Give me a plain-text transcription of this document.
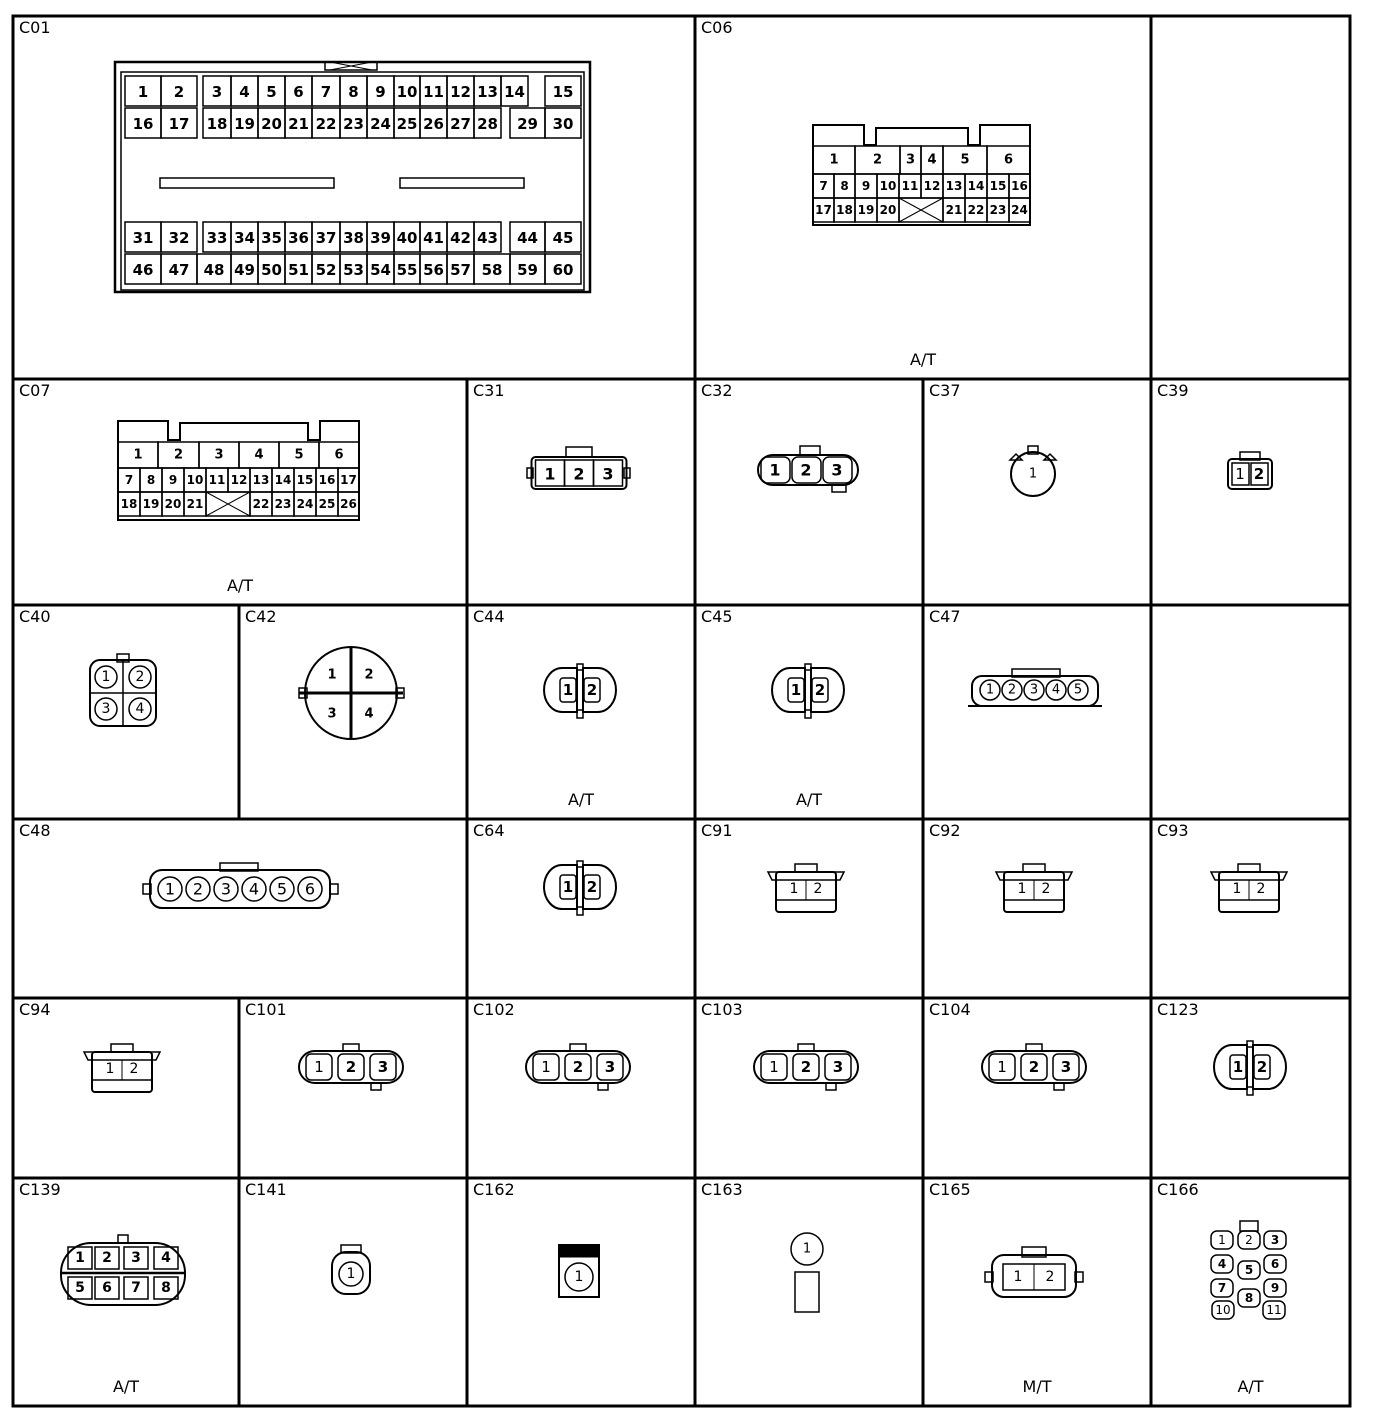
C01	C06
A/T
C07
A/T
C31	C32	C37	C39
C40	C42	C44
A/T
C45
A/T
C47
C48	C64	C91	C92	C93
C94	C101	C102	C103	C104	C123
C139
A/T
C141	C162	C163	C165
M/T
C166
A/T
1 2 3 4 5 6 7 8 9 10 11 12 13 14 15
16 17 18 19 20 21 22 23 24 25 26 27 28 29 30
31 32 33 34 35 36 37 38 39 40 41 42 43 44 45
46 47 48 49 50 51 52 53 54 55 56 57 58 59 60
1	2 3 4 5	6
7 8 9 10 11 12 13 14 15 16
17 18 19 20	21 22 23 24
1 2 3 4 5 6
7 8 9 10 11 12 13 14 15 16 17
18 19 20 21	22 23 24 25 26
1 2 3	1 2 3	1	1 2
1 2
3 4
1 2
3 4
1 2	1 2
1 2
1 2
1 2 3 4 5
1 2 3 4 5 6	1 2	1 2	1 2
1 2	1 2 3	1 2 3	1 2 3	1 2 3
1 2 3 4
5 6 7 8
1	1
1
1 2
1 2 3
4 5 6
7
8
9
10	11
